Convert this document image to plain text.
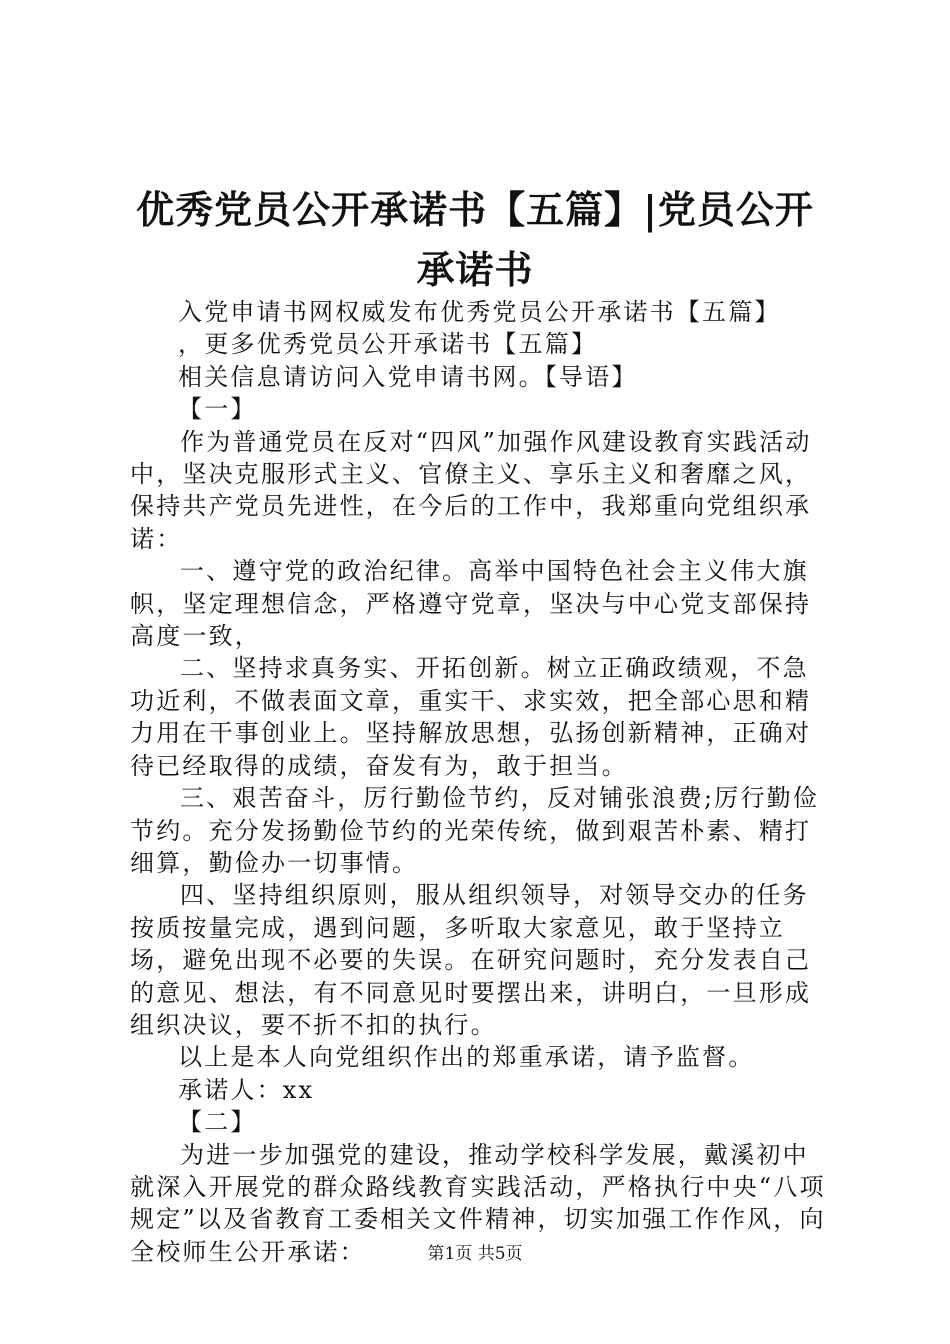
优秀党员公开承诺书【五篇】|党员公开承诺书

入党申请书网权威发布优秀党员公开承诺书【五篇】

，更多优秀党员公开承诺书【五篇】

相关信息请访问入党申请书网。【导语】

【一】

作为普通党员在反对“四风”加强作风建设教育实践活动中，坚决克服形式主义、官僚主义、享乐主义和奢靡之风，保持共产党员先进性，在今后的工作中，我郑重向党组织承诺：

一、遵守党的政治纪律。高举中国特色社会主义伟大旗帜，坚定理想信念，严格遵守党章，坚决与中心党支部保持高度一致，

二、坚持求真务实、开拓创新。树立正确政绩观，不急功近利，不做表面文章，重实干、求实效，把全部心思和精力用在干事创业上。坚持解放思想，弘扬创新精神，正确对待已经取得的成绩，奋发有为，敢于担当。

三、艰苦奋斗，厉行勤俭节约，反对铺张浪费;厉行勤俭节约。充分发扬勤俭节约的光荣传统，做到艰苦朴素、精打细算，勤俭办一切事情。

四、坚持组织原则，服从组织领导，对领导交办的任务按质按量完成，遇到问题，多听取大家意见，敢于坚持立场，避免出现不必要的失误。在研究问题时，充分发表自己的意见、想法，有不同意见时要摆出来，讲明白，一旦形成组织决议，要不折不扣的执行。

以上是本人向党组织作出的郑重承诺，请予监督。

承诺人：xx

【二】

为进一步加强党的建设，推动学校科学发展，戴溪初中就深入开展党的群众路线教育实践活动，严格执行中央“八项规定”以及省教育工委相关文件精神，切实加强工作作风，向全校师生公开承诺：	第1页 共5页
